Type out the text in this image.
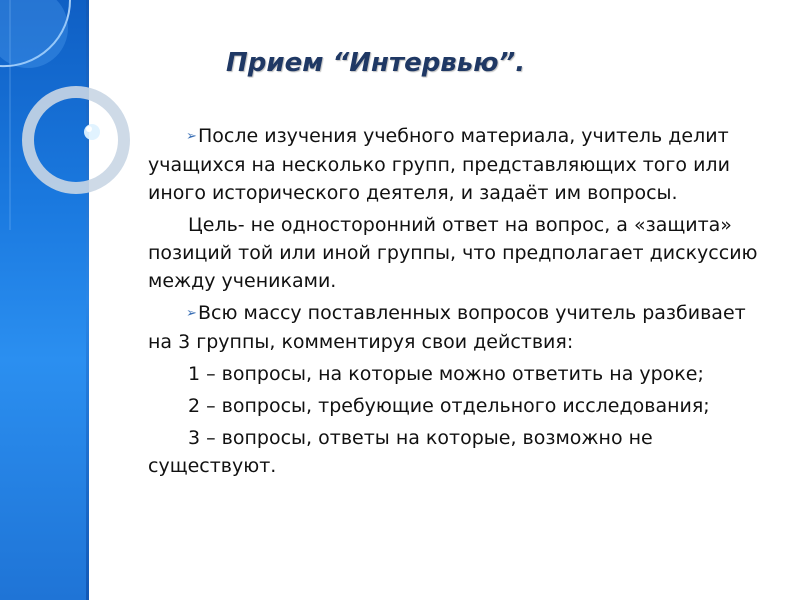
Прием “Интервью”.

➢После изучения учебного материала, учитель делит учащихся на несколько групп, представляющих того или иного исторического деятеля, и задаёт им вопросы.

Цель- не односторонний ответ на вопрос, а «защита» позиций той или иной группы, что предполагает дискуссию между учениками.

➢Всю массу поставленных вопросов учитель разбивает на 3 группы, комментируя свои действия:

1 – вопросы, на которые можно ответить на уроке;

2 – вопросы, требующие отдельного исследования;

3 – вопросы, ответы на которые, возможно не существуют.
